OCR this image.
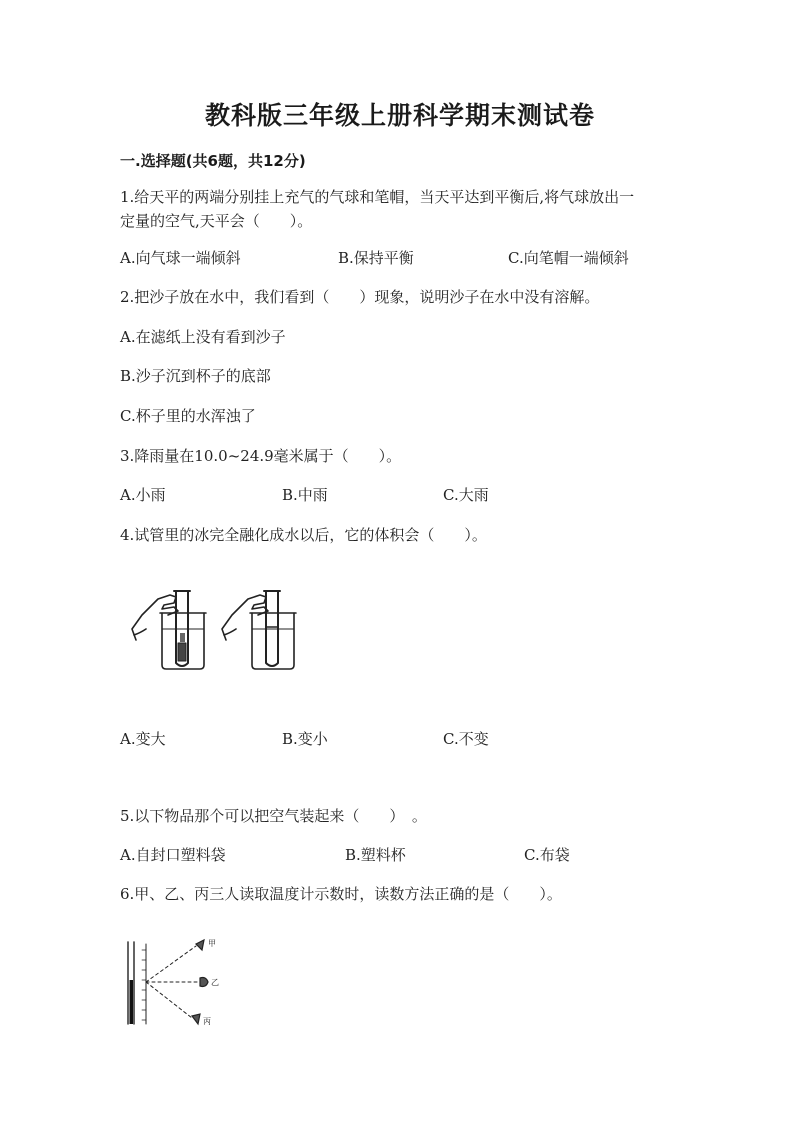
教科版三年级上册科学期末测试卷
一.选择题(共6题，共12分)
1.给天平的两端分别挂上充气的气球和笔帽，当天平达到平衡后,将气球放出一
定量的空气,天平会（　　）。
A.向气球一端倾斜	B.保持平衡	C.向笔帽一端倾斜
2.把沙子放在水中，我们看到（　　）现象，说明沙子在水中没有溶解。
A.在滤纸上没有看到沙子
B.沙子沉到杯子的底部
C.杯子里的水浑浊了
3.降雨量在10.0~24.9毫米属于（　　）。
A.小雨	B.中雨	C.大雨
4.试管里的冰完全融化成水以后，它的体积会（　　）。
A.变大	B.变小	C.不变
5.以下物品那个可以把空气装起来（　　）　。
A.自封口塑料袋	B.塑料杯	C.布袋
6.甲、乙、丙三人读取温度计示数时，读数方法正确的是（　　）。
甲
乙
丙
